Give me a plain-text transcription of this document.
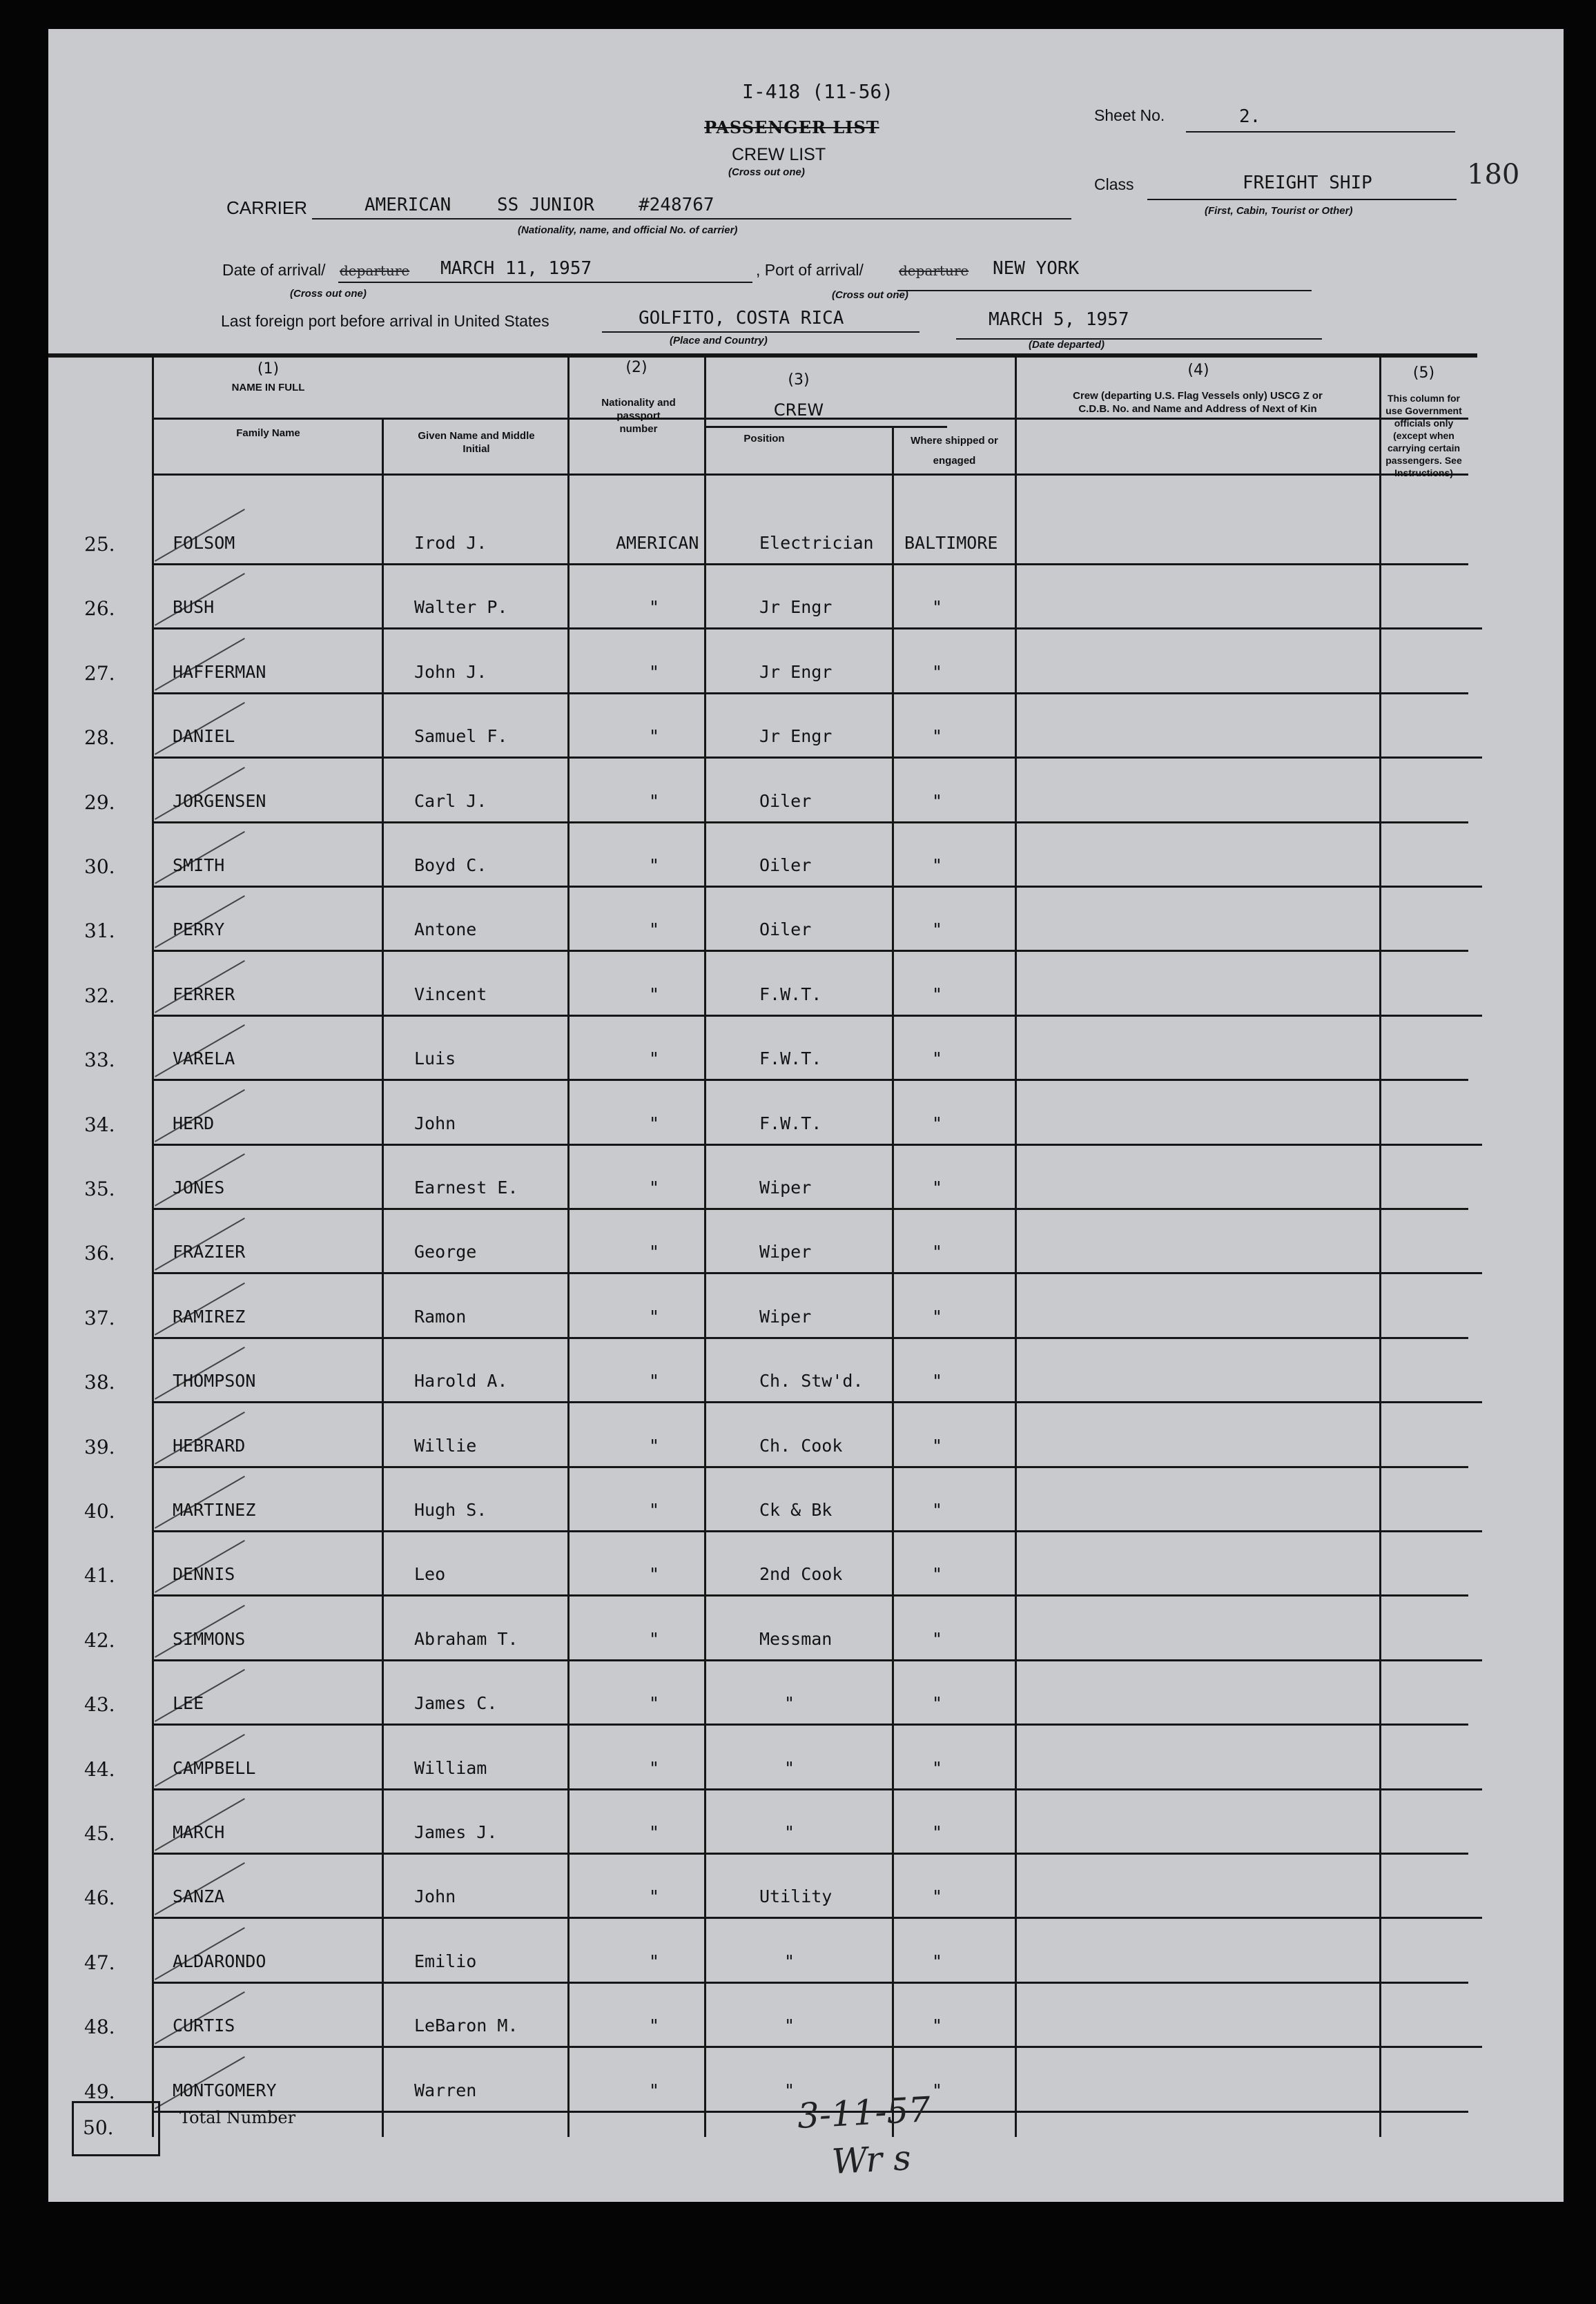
I-418 (11-56)
PASSENGER LIST
CREW LIST
(Cross out one)
Sheet No.	2.
Class	FREIGHT SHIP
(First, Cabin, Tourist or Other)
180
CARRIER	AMERICAN	SS JUNIOR #248767
(Nationality, name, and official No. of carrier)
Date of arrival/ departure MARCH 11, 1957
(Cross out one)
, Port of arrival/	departure NEW YORK
(Cross out one)
Last foreign port before arrival in United States	GOLFITO, COSTA RICA
(Place and Country)
MARCH 5, 1957
(Date departed)
(1)
NAME IN FULL
Family Name	Given Name and Middle Initial
(2)
Nationality and passport number
(3)
CREW
Position	Where shipped or engaged
(4)
Crew (departing U.S. Flag Vessels only) USCG Z or C.D.B. No. and Name and Address of Next of Kin
(5)
This column for use Government officials only (except when carrying certain passengers. See Instructions)
25.	FOLSOM	Irod J.	AMERICAN	Electrician BALTIMORE
26.	BUSH	Walter P.	"	Jr Engr	"
27.	HAFFERMAN	John J.	"	Jr Engr	"
28.	DANIEL	Samuel F.	"	Jr Engr	"
29.	JORGENSEN	Carl J.	"	Oiler	"
30.	SMITH	Boyd C.	"	Oiler	"
31.	PERRY	Antone	"	Oiler	"
32.	FERRER	Vincent	"	F.W.T.	"
33.	VARELA	Luis	"	F.W.T.	"
34.	HERD	John	"	F.W.T.	"
35.	JONES	Earnest E.	"	Wiper	"
36.	FRAZIER	George	"	Wiper	"
37.	RAMIREZ	Ramon	"	Wiper	"
38.	THOMPSON	Harold A.	"	Ch. Stw'd.	"
39.	HEBRARD	Willie	"	Ch. Cook	"
40.	MARTINEZ	Hugh S.	"	Ck & Bk	"
41.	DENNIS	Leo	"	2nd Cook	"
42.	SIMMONS	Abraham T.	"	Messman	"
43.	LEE	James C.	"	"	"
44.	CAMPBELL	William	"	"	"
45.	MARCH	James J.	"	"	"
46.	SANZA	John	"	Utility	"
47.	ALDARONDO	Emilio	"	"	"
48.	CURTIS	LeBaron M.	"	"	"
49.	MONTGOMERY	Warren	"	"	"
50.	Total Number	3-11-57
Wr s
